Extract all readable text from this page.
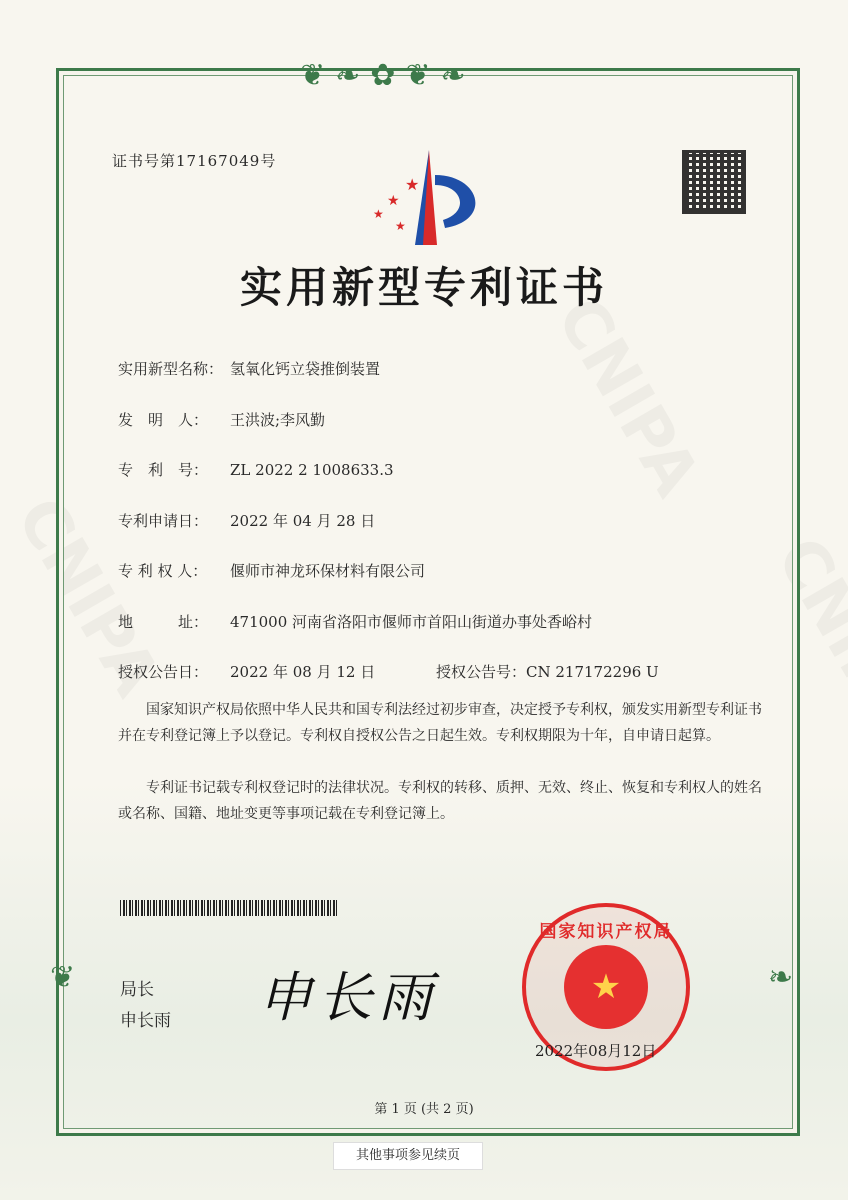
❦❧✿❦❧
❦	❧
证书号第17167049号
★
★
★
★
实用新型专利证书
实用新型名称： 氢氧化钙立袋推倒装置
发　明　人： 王洪波;李风勤
专　利　号： ZL 2022 2 1008633.3
专利申请日： 2022 年 04 月 28 日
专 利 权 人： 偃师市神龙环保材料有限公司
地　　　址： 471000 河南省洛阳市偃师市首阳山街道办事处香峪村
授权公告日： 2022 年 08 月 12 日	授权公告号：CN 217172296 U
国家知识产权局依照中华人民共和国专利法经过初步审查，决定授予专利权，颁发实用新型专利证书并在专利登记簿上予以登记。专利权自授权公告之日起生效。专利权期限为十年，自申请日起算。
专利证书记载专利权登记时的法律状况。专利权的转移、质押、无效、终止、恢复和专利权人的姓名或名称、国籍、地址变更等事项记载在专利登记簿上。
局长
申长雨 申长雨
国家知识产权局
★
2022年08月12日
第 1 页 (共 2 页)
其他事项参见续页
